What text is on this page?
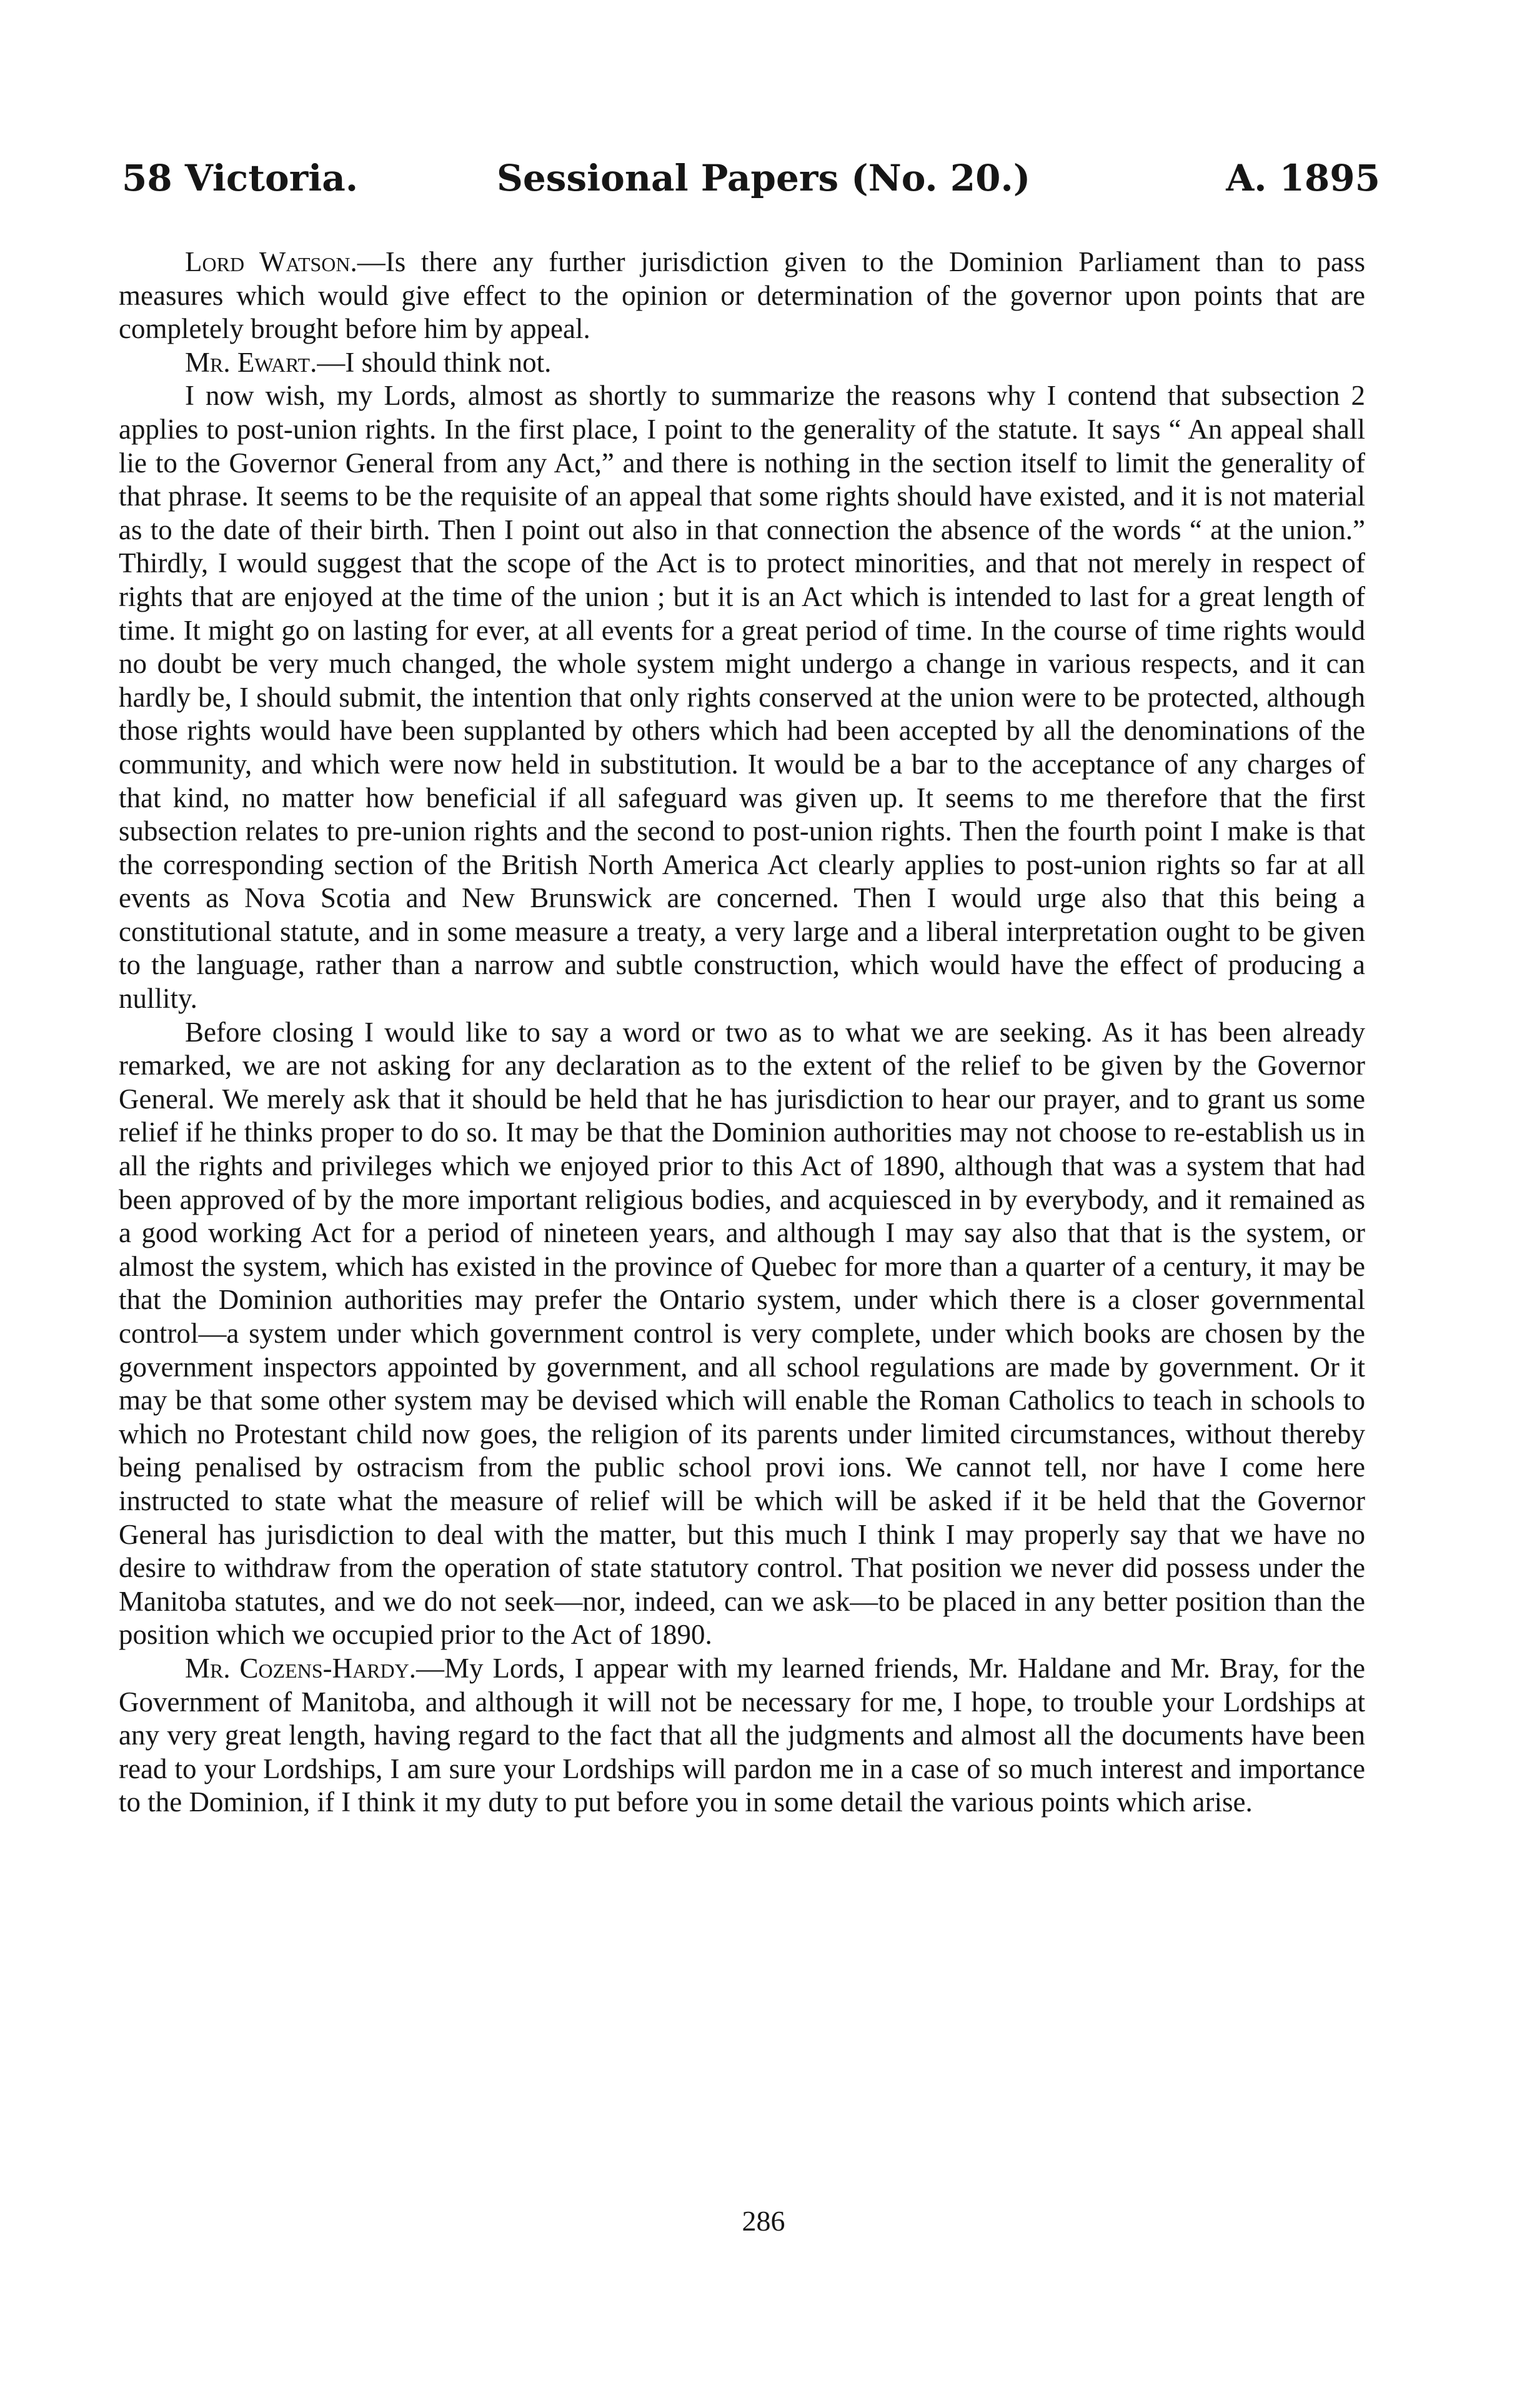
58 Victoria.	Sessional Papers (No. 20.)	A. 1895

Lord Watson.—Is there any further jurisdiction given to the Dominion Parliament than to pass measures which would give effect to the opinion or determination of the governor upon points that are completely brought before him by appeal.

Mr. Ewart.—I should think not.

I now wish, my Lords, almost as shortly to summarize the reasons why I contend that subsection 2 applies to post-union rights. In the first place, I point to the generality of the statute. It says “ An appeal shall lie to the Governor General from any Act,” and there is nothing in the section itself to limit the generality of that phrase. It seems to be the requisite of an appeal that some rights should have existed, and it is not material as to the date of their birth. Then I point out also in that connection the absence of the words “ at the union.” Thirdly, I would suggest that the scope of the Act is to protect minorities, and that not merely in respect of rights that are enjoyed at the time of the union ; but it is an Act which is intended to last for a great length of time. It might go on lasting for ever, at all events for a great period of time. In the course of time rights would no doubt be very much changed, the whole system might undergo a change in various respects, and it can hardly be, I should submit, the intention that only rights conserved at the union were to be protected, although those rights would have been supplanted by others which had been accepted by all the denominations of the community, and which were now held in substitution. It would be a bar to the acceptance of any charges of that kind, no matter how beneficial if all safeguard was given up. It seems to me therefore that the first subsection relates to pre-union rights and the second to post-union rights. Then the fourth point I make is that the corresponding section of the British North America Act clearly applies to post-union rights so far at all events as Nova Scotia and New Brunswick are concerned. Then I would urge also that this being a constitutional statute, and in some measure a treaty, a very large and a liberal interpretation ought to be given to the language, rather than a narrow and subtle construction, which would have the effect of producing a nullity.

Before closing I would like to say a word or two as to what we are seeking. As it has been already remarked, we are not asking for any declaration as to the extent of the relief to be given by the Governor General. We merely ask that it should be held that he has jurisdiction to hear our prayer, and to grant us some relief if he thinks proper to do so. It may be that the Dominion authorities may not choose to re-establish us in all the rights and privileges which we enjoyed prior to this Act of 1890, although that was a system that had been approved of by the more important religious bodies, and acquiesced in by everybody, and it remained as a good working Act for a period of nineteen years, and although I may say also that that is the system, or almost the system, which has existed in the province of Quebec for more than a quarter of a century, it may be that the Dominion authorities may prefer the Ontario system, under which there is a closer governmental control—a system under which government control is very complete, under which books are chosen by the government inspectors appointed by government, and all school regulations are made by government. Or it may be that some other system may be devised which will enable the Roman Catholics to teach in schools to which no Protestant child now goes, the religion of its parents under limited circumstances, without thereby being penalised by ostracism from the public school provi ions. We cannot tell, nor have I come here instructed to state what the measure of relief will be which will be asked if it be held that the Governor General has jurisdiction to deal with the matter, but this much I think I may properly say that we have no desire to withdraw from the operation of state statutory control. That position we never did possess under the Manitoba statutes, and we do not seek—nor, indeed, can we ask—to be placed in any better position than the position which we occupied prior to the Act of 1890.

Mr. Cozens-Hardy.—My Lords, I appear with my learned friends, Mr. Haldane and Mr. Bray, for the Government of Manitoba, and although it will not be necessary for me, I hope, to trouble your Lordships at any very great length, having regard to the fact that all the judgments and almost all the documents have been read to your Lordships, I am sure your Lordships will pardon me in a case of so much interest and importance to the Dominion, if I think it my duty to put before you in some detail the various points which arise.

286
